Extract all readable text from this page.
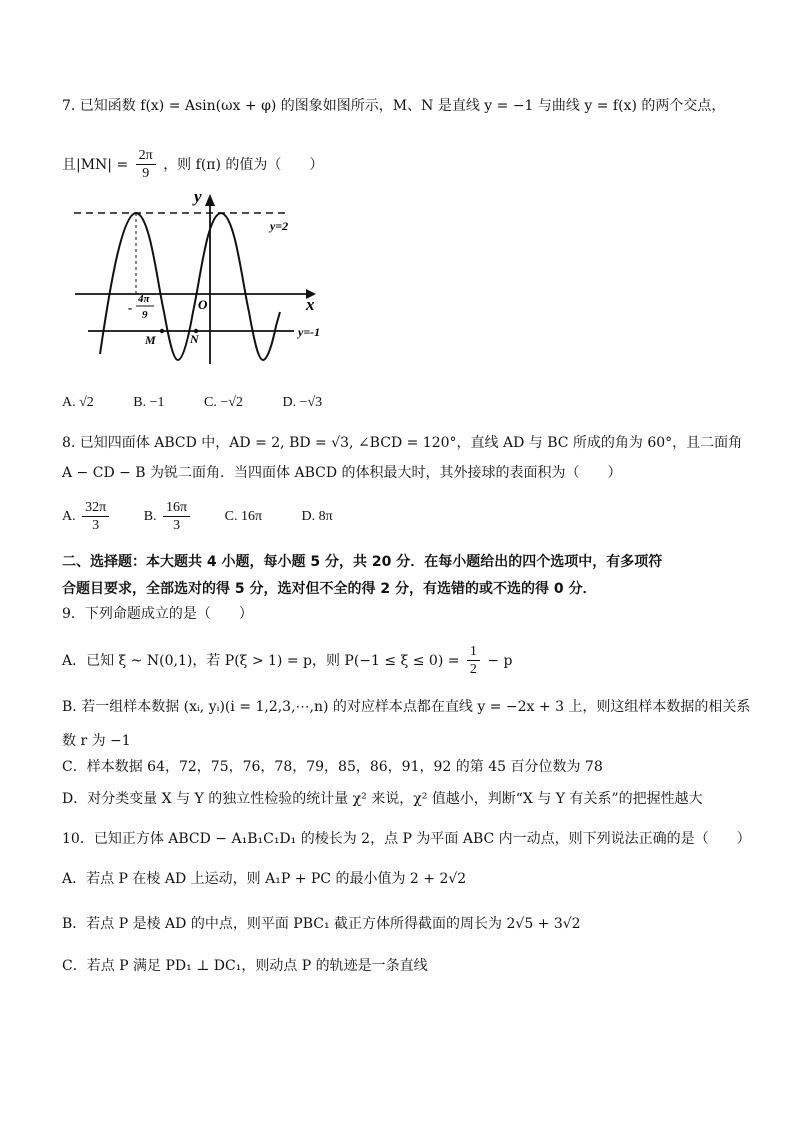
7. 已知函数 f(x) = Asin(ωx + φ) 的图象如图所示，M、N 是直线 y = −1 与曲线 y = f(x) 的两个交点，
且$|MN| = \frac{2\pi}{9}$ ，则 f(π) 的值为（　　）
y
x
O
-
4π
9
y=2
y=-1
M	N
A. √2	B. −1	C. −√2	D. −√3
8. 已知四面体 ABCD 中，AD = 2, BD = √3, ∠BCD = 120°，直线 AD 与 BC 所成的角为 60°，且二面角
A − CD − B 为锐二面角．当四面体 ABCD 的体积最大时，其外接球的表面积为（　　）
A. $\frac{32\pi}{3} B$. $\frac{16\pi}{3} C$. 16π	D. 8π
二、选择题：本大题共 4 小题，每小题 5 分，共 20 分．在每小题给出的四个选项中，有多项符
合题目要求，全部选对的得 5 分，选对但不全的得 2 分，有选错的或不选的得 0 分．
9．下列命题成立的是（　　）
A．已知 ξ ~ N(0,1)，若 P(ξ > 1) = p，则 $P(-1 \le \xi \le 0) = \frac{1}{2} - p$
B. 若一组样本数据 (xᵢ, yᵢ)(i = 1,2,3,⋯,n) 的对应样本点都在直线 y = −2x + 3 上，则这组样本数据的相关系
数 r 为 −1
C．样本数据 64，72，75，76，78，79，85，86，91，92 的第 45 百分位数为 78
D．对分类变量 X 与 Y 的独立性检验的统计量 χ² 来说，χ² 值越小，判断“X 与 Y 有关系”的把握性越大
10．已知正方体 ABCD − A₁B₁C₁D₁ 的棱长为 2，点 P 为平面 ABC 内一动点，则下列说法正确的是（　　）
A．若点 P 在棱 AD 上运动，则 A₁P + PC 的最小值为 2 + 2√2
B．若点 P 是棱 AD 的中点，则平面 PBC₁ 截正方体所得截面的周长为 2√5 + 3√2
C．若点 P 满足 PD₁ ⊥ DC₁，则动点 P 的轨迹是一条直线
